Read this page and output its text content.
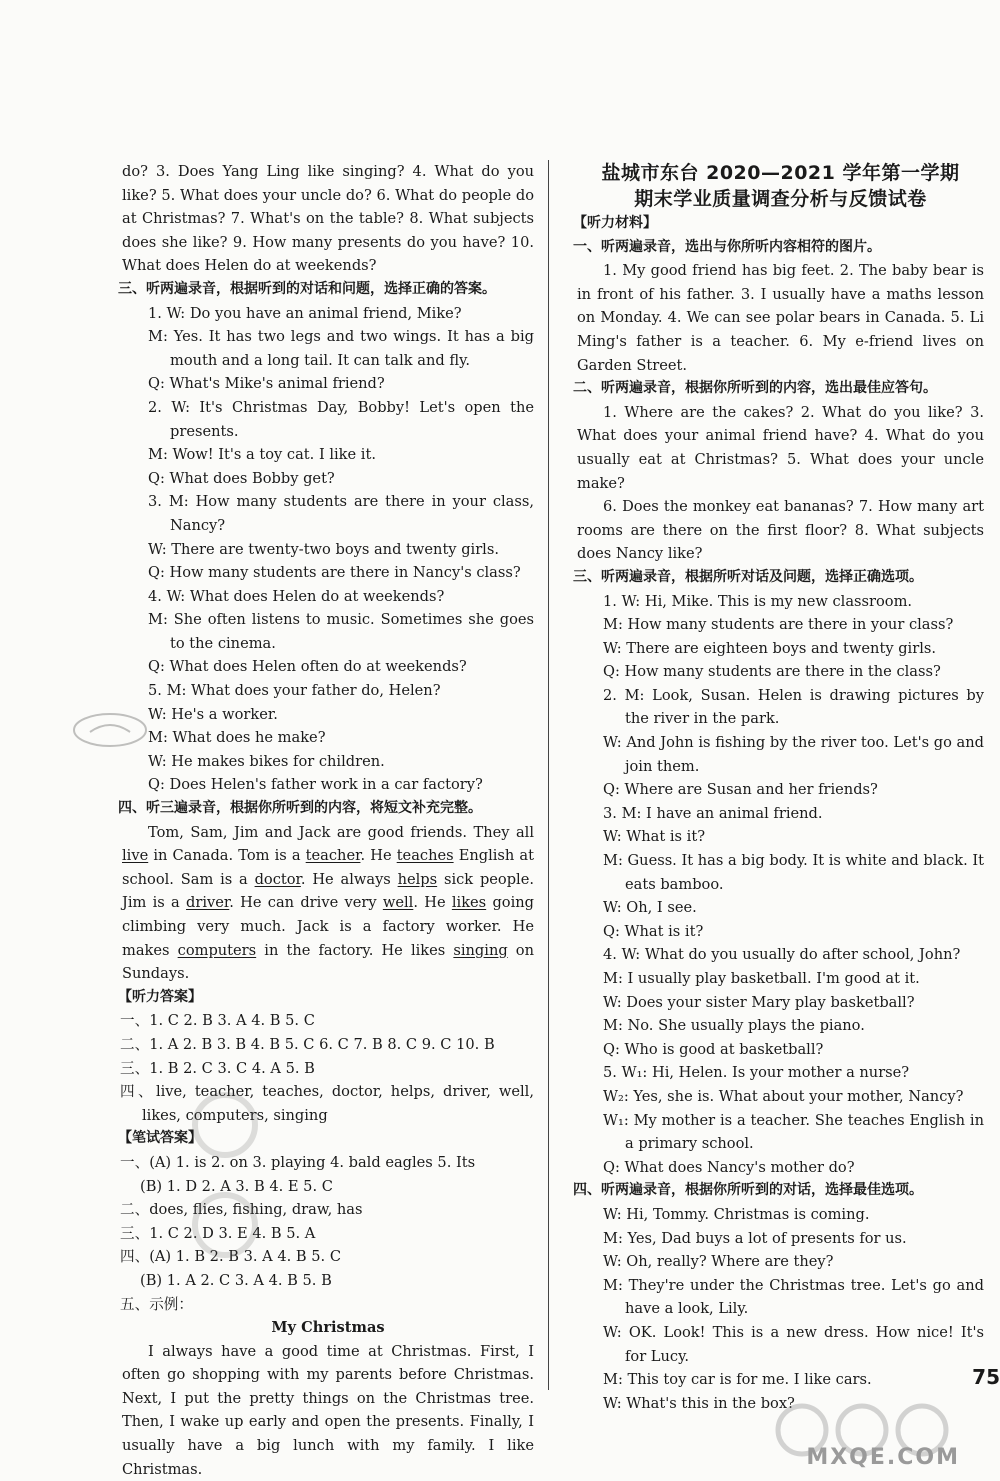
do? 3. Does Yang Ling like singing? 4. What do you like? 5. What does your uncle do? 6. What do people do at Christmas? 7. What's on the table? 8. What subjects does she like? 9. How many presents do you have? 10. What does Helen do at weekends?

三、听两遍录音，根据听到的对话和问题，选择正确的答案。

1. W: Do you have an animal friend, Mike?

M: Yes. It has two legs and two wings. It has a big mouth and a long tail. It can talk and fly.

Q: What's Mike's animal friend?

2. W: It's Christmas Day, Bobby! Let's open the presents.

M: Wow! It's a toy cat. I like it.

Q: What does Bobby get?

3. M: How many students are there in your class, Nancy?

W: There are twenty-two boys and twenty girls.

Q: How many students are there in Nancy's class?

4. W: What does Helen do at weekends?

M: She often listens to music. Sometimes she goes to the cinema.

Q: What does Helen often do at weekends?

5. M: What does your father do, Helen?

W: He's a worker.

M: What does he make?

W: He makes bikes for children.

Q: Does Helen's father work in a car factory?

四、听三遍录音，根据你所听到的内容，将短文补充完整。

Tom, Sam, Jim and Jack are good friends. They all live in Canada. Tom is a teacher. He teaches English at school. Sam is a doctor. He always helps sick people. Jim is a driver. He can drive very well. He likes going climbing very much. Jack is a factory worker. He makes computers in the factory. He likes singing on Sundays.

【听力答案】

一、1. C 2. B 3. A 4. B 5. C

二、1. A 2. B 3. B 4. B 5. C 6. C 7. B 8. C 9. C 10. B

三、1. B 2. C 3. C 4. A 5. B

四、live, teacher, teaches, doctor, helps, driver, well, likes, computers, singing

【笔试答案】

一、(A) 1. is 2. on 3. playing 4. bald eagles 5. Its

(B) 1. D 2. A 3. B 4. E 5. C

二、does, flies, fishing, draw, has

三、1. C 2. D 3. E 4. B 5. A

四、(A) 1. B 2. B 3. A 4. B 5. C

(B) 1. A 2. C 3. A 4. B 5. B

五、示例：

My Christmas

I always have a good time at Christmas. First, I often go shopping with my parents before Christmas. Next, I put the pretty things on the Christmas tree. Then, I wake up early and open the presents. Finally, I usually have a big lunch with my family. I like Christmas.

盐城市东台 2020—2021 学年第一学期
期末学业质量调查分析与反馈试卷

【听力材料】

一、听两遍录音，选出与你所听内容相符的图片。

1. My good friend has big feet. 2. The baby bear is in front of his father. 3. I usually have a maths lesson on Monday. 4. We can see polar bears in Canada. 5. Li Ming's father is a teacher. 6. My e-friend lives on Garden Street.

二、听两遍录音，根据你所听到的内容，选出最佳应答句。

1. Where are the cakes? 2. What do you like? 3. What does your animal friend have? 4. What do you usually eat at Christmas? 5. What does your uncle make?

6. Does the monkey eat bananas? 7. How many art rooms are there on the first floor? 8. What subjects does Nancy like?

三、听两遍录音，根据所听对话及问题，选择正确选项。

1. W: Hi, Mike. This is my new classroom.

M: How many students are there in your class?

W: There are eighteen boys and twenty girls.

Q: How many students are there in the class?

2. M: Look, Susan. Helen is drawing pictures by the river in the park.

W: And John is fishing by the river too. Let's go and join them.

Q: Where are Susan and her friends?

3. M: I have an animal friend.

W: What is it?

M: Guess. It has a big body. It is white and black. It eats bamboo.

W: Oh, I see.

Q: What is it?

4. W: What do you usually do after school, John?

M: I usually play basketball. I'm good at it.

W: Does your sister Mary play basketball?

M: No. She usually plays the piano.

Q: Who is good at basketball?

5. W₁: Hi, Helen. Is your mother a nurse?

W₂: Yes, she is. What about your mother, Nancy?

W₁: My mother is a teacher. She teaches English in a primary school.

Q: What does Nancy's mother do?

四、听两遍录音，根据你所听到的对话，选择最佳选项。

W: Hi, Tommy. Christmas is coming.

M: Yes, Dad buys a lot of presents for us.

W: Oh, really? Where are they?

M: They're under the Christmas tree. Let's go and have a look, Lily.

W: OK. Look! This is a new dress. How nice! It's for Lucy.

M: This toy car is for me. I like cars.

W: What's this in the box?

75
MXQE.COM
